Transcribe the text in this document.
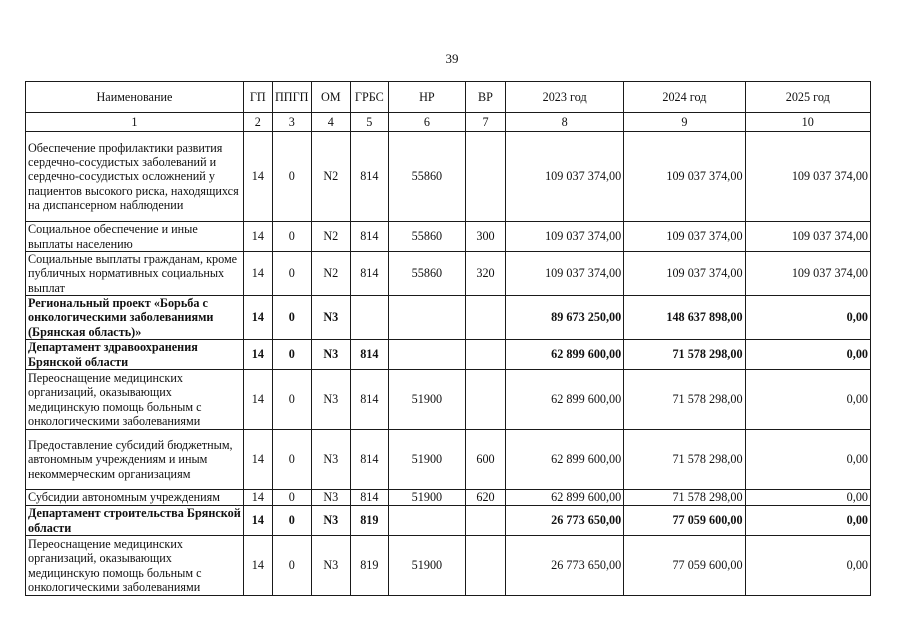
39
Наименование	ГП	ППГП	ОМ	ГРБС	НР	ВР	2023 год	2024 год	2025 год
1	2	3	4	5	6	7	8	9	10
Обеспечение профилактики развития сердечно-сосудистых заболеваний и сердечно-сосудистых осложнений у пациентов высокого риска, находящихся на диспансерном наблюдении	14	0	N2	814	55860		109 037 374,00	109 037 374,00	109 037 374,00
Социальное обеспечение и иные выплаты населению	14	0	N2	814	55860	300	109 037 374,00	109 037 374,00	109 037 374,00
Социальные выплаты гражданам, кроме публичных нормативных социальных выплат	14	0	N2	814	55860	320	109 037 374,00	109 037 374,00	109 037 374,00
Региональный проект «Борьба с онкологическими заболеваниями (Брянская область)»	14	0	N3				89 673 250,00	148 637 898,00	0,00
Департамент здравоохранения Брянской области	14	0	N3	814			62 899 600,00	71 578 298,00	0,00
Переоснащение медицинских организаций, оказывающих медицинскую помощь больным с онкологическими заболеваниями	14	0	N3	814	51900		62 899 600,00	71 578 298,00	0,00
Предоставление субсидий бюджетным, автономным учреждениям и иным некоммерческим организациям	14	0	N3	814	51900	600	62 899 600,00	71 578 298,00	0,00
Субсидии автономным учреждениям	14	0	N3	814	51900	620	62 899 600,00	71 578 298,00	0,00
Департамент строительства Брянской области	14	0	N3	819			26 773 650,00	77 059 600,00	0,00
Переоснащение медицинских организаций, оказывающих медицинскую помощь больным с онкологическими заболеваниями	14	0	N3	819	51900		26 773 650,00	77 059 600,00	0,00
